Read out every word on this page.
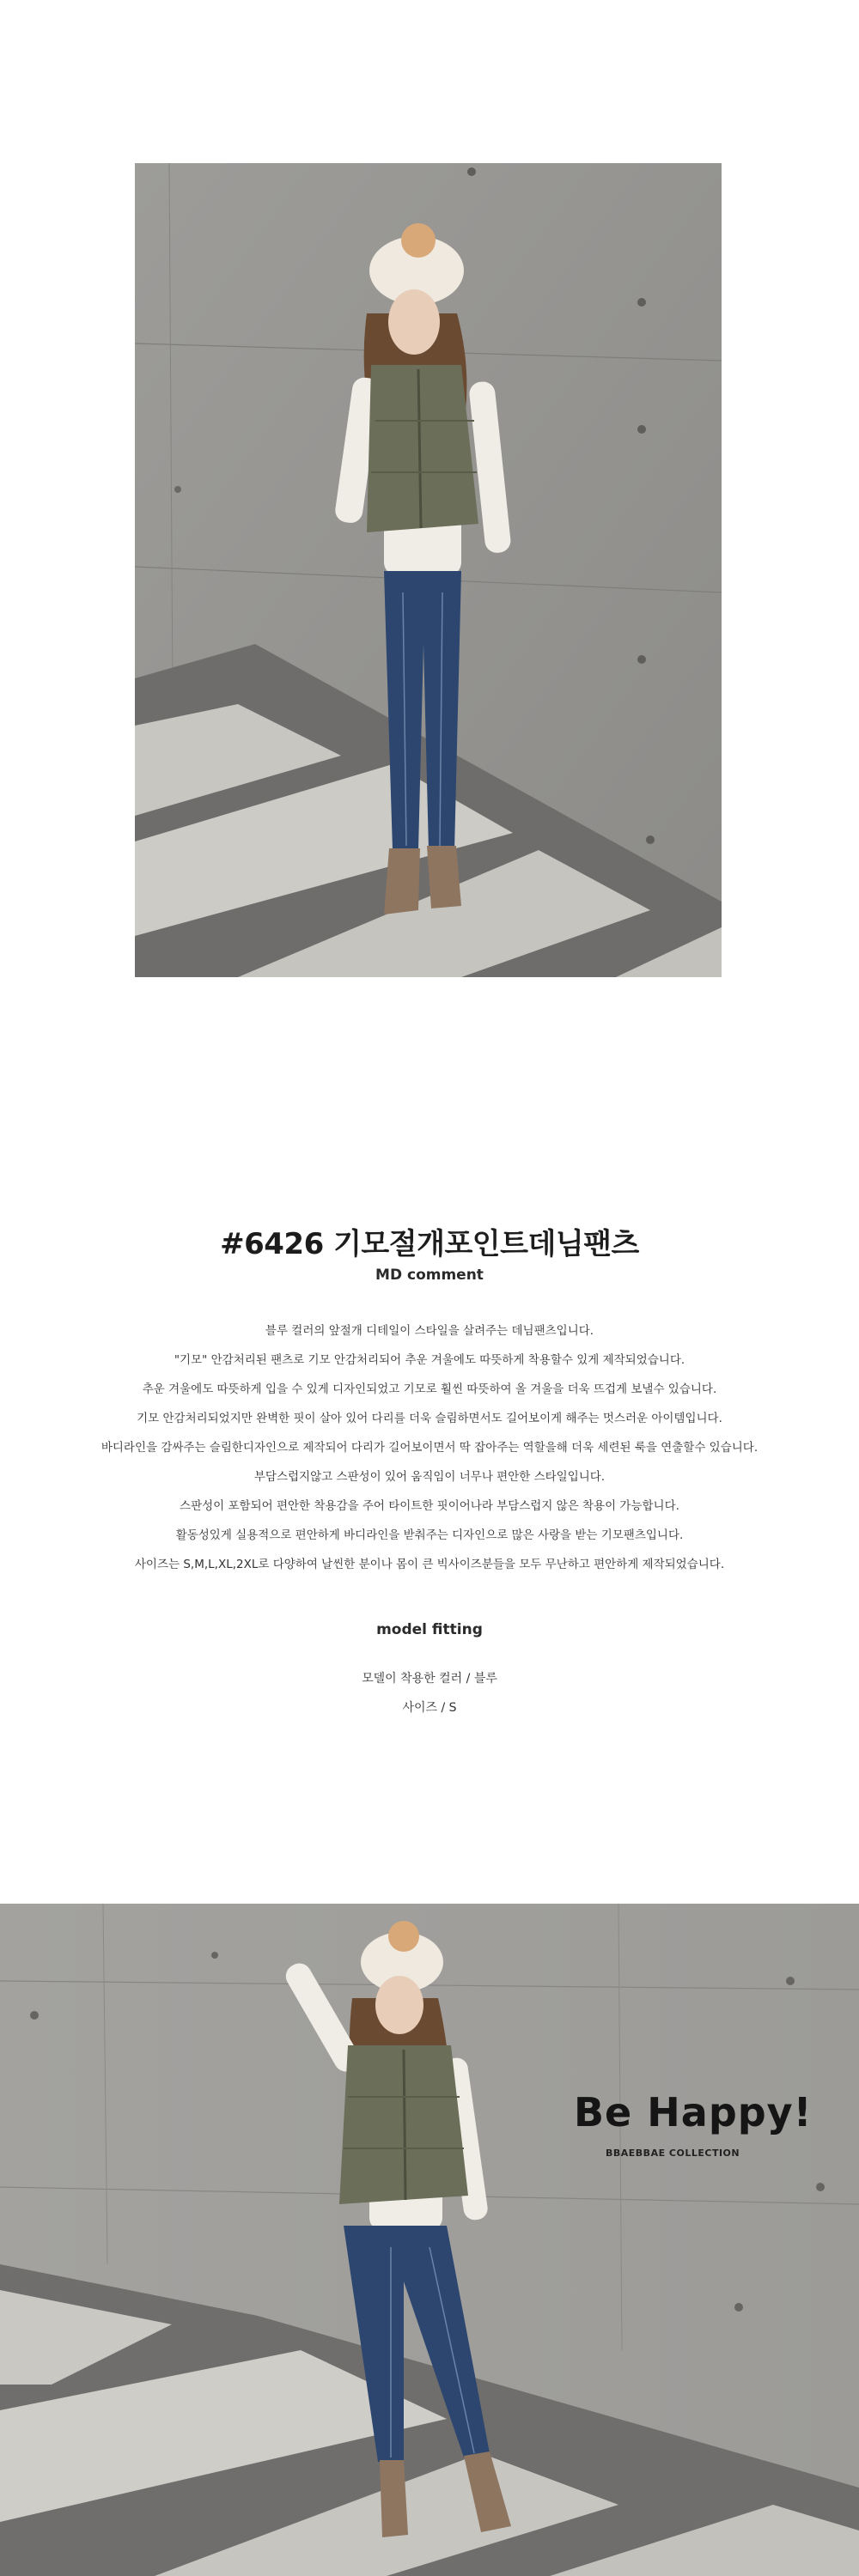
#6426 기모절개포인트데님팬츠
MD comment
블루 컬러의 앞절개 디테일이 스타일을 살려주는 데님팬츠입니다.
"기모" 안감처리된 팬츠로 기모 안감처리되어 추운 겨울에도 따뜻하게 착용할수 있게 제작되었습니다.
추운 겨울에도 따뜻하게 입을 수 있게 디자인되었고 기모로 훨씬 따뜻하여 올 겨울을 더욱 뜨겁게 보낼수 있습니다.
기모 안감처리되었지만 완벽한 핏이 살아 있어 다리를 더욱 슬림하면서도 길어보이게 해주는 멋스러운 아이템입니다.
바디라인을 감싸주는 슬림한디자인으로 제작되어 다리가 길어보이면서 딱 잡아주는 역할을해 더욱 세련된 룩을 연출할수 있습니다.
부담스럽지않고 스판성이 있어 움직임이 너무나 편안한 스타일입니다.
스판성이 포함되어 편안한 착용감을 주어 타이트한 핏이어나라 부담스럽지 않은 착용이 가능합니다.
활동성있게 실용적으로 편안하게 바디라인을 받춰주는 디자인으로 많은 사랑을 받는 기모팬츠입니다.
사이즈는 S,M,L,XL,2XL로 다양하여 날씬한 분이나 몸이 큰 빅사이즈분들을 모두 무난하고 편안하게 제작되었습니다.
model fitting
모델이 착용한 컬러 / 블루
사이즈 / S
Be Happy!
BBAEBBAE COLLECTION
